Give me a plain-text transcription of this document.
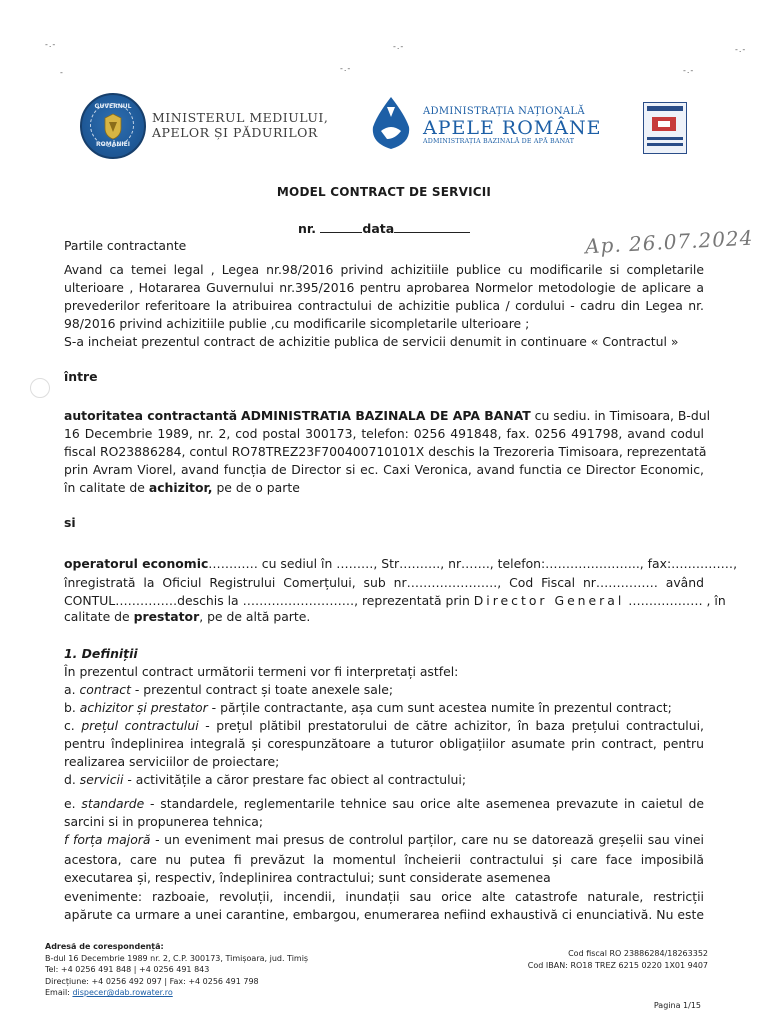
-.-	-.-	-.-
-.-
-	-.-
GUVERNUL
ROMÂNIEI
MINISTERUL MEDIULUI,
APELOR ȘI PĂDURILOR
ADMINISTRAȚIA NAȚIONALĂ
APELE ROMÂNE
ADMINISTRAȚIA BAZINALĂ DE APĂ BANAT
MODEL CONTRACT DE SERVICII
nr.	data	Ap. 26.07.2024
Partile contractante
Avand ca temei legal , Legea nr.98/2016 privind achizitiile publice cu modificarile si completarile
ulterioare , Hotararea Guvernului nr.395/2016 pentru aprobarea Normelor metodologie de aplicare a
prevederilor referitoare la atribuirea contractului de achizitie publica / cordului - cadru din Legea nr.
98/2016 privind achizitiile publie ,cu modificarile sicompletarile ulterioare ;
S-a incheiat prezentul contract de achizitie publica de servicii denumit in continuare « Contractul »
între
autoritatea contractantă ADMINISTRATIA BAZINALA DE APA BANAT cu sediu. in Timisoara, B-dul
16 Decembrie 1989, nr. 2, cod postal 300173, telefon: 0256 491848, fax. 0256 491798, avand codul
fiscal RO23886284, contul RO78TREZ23F700400710101X deschis la Trezoreria Timisoara, reprezentată
prin Avram Viorel, avand funcția de Director si ec. Caxi Veronica, avand functia ce Director Economic,
în calitate de achizitor, pe de o parte
si
operatorul economic………… cu sediul în ………, Str………., nr……., telefon:………………….., fax:……………,
înregistrată la Oficiul Registrului Comerțului, sub nr…………………., Cod Fiscal nr…………… având
CONTUL……………deschis la ………………………, reprezentată prin Director General ……………… , în
calitate de prestator, pe de altă parte.
1. Definiții
În prezentul contract următorii termeni vor fi interpretați astfel:
a. contract - prezentul contract și toate anexele sale;
b. achizitor și prestator - părțile contractante, așa cum sunt acestea numite în prezentul contract;
c. prețul contractului - prețul plătibil prestatorului de către achizitor, în baza prețului contractului,
pentru îndeplinirea integrală și corespunzătoare a tuturor obligațiilor asumate prin contract, pentru
realizarea serviciilor de proiectare;
d. servicii - activitățile a căror prestare fac obiect al contractului;
e. standarde - standardele, reglementarile tehnice sau orice alte asemenea prevazute in caietul de
sarcini si in propunerea tehnica;
f forța majoră - un eveniment mai presus de controlul parților, care nu se datorează greșelii sau vinei
acestora, care nu putea fi prevăzut la momentul încheierii contractului și care face imposibilă
executarea și, respectiv, îndeplinirea contractului; sunt considerate asemenea
evenimente: razboaie, revoluții, incendii, inundații sau orice alte catastrofe naturale, restricții
apărute ca urmare a unei carantine, embargou, enumerarea nefiind exhaustivă ci enunciativă. Nu este
Adresă de corespondență:
B-dul 16 Decembrie 1989 nr. 2, C.P. 300173, Timișoara, jud. Timiș
Tel: +4 0256 491 848 | +4 0256 491 843
Direcțiune: +4 0256 492 097 | Fax: +4 0256 491 798
Email: dispecer@dab.rowater.ro
Cod fiscal RO 23886284/18263352
Cod IBAN: RO18 TREZ 6215 0220 1X01 9407
Pagina 1/15
